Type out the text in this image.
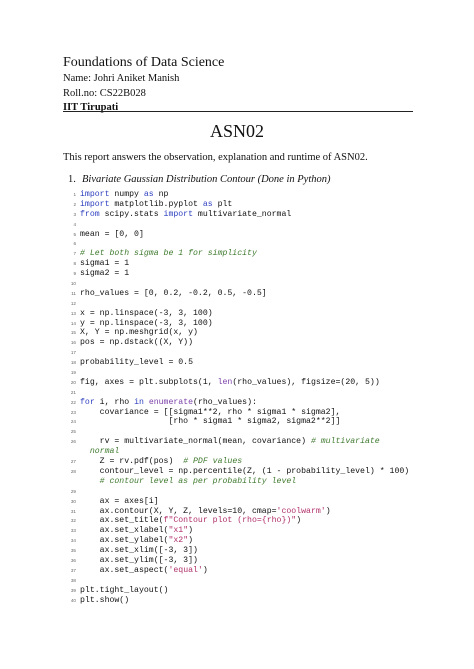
Foundations of Data Science
Name: Johri Aniket Manish
Roll.no: CS22B028
IIT Tirupati
ASN02
This report answers the observation, explanation and runtime of ASN02.
1. Bivariate Gaussian Distribution Contour (Done in Python)
1 import numpy as np
2 import matplotlib.pyplot as plt
3 from scipy.stats import multivariate_normal
4
5 mean = [0, 0]
6
7 # Let both sigma be 1 for simplicity
8 sigma1 = 1
9 sigma2 = 1
10
11 rho_values = [0, 0.2, -0.2, 0.5, -0.5]
12
13 x = np.linspace(-3, 3, 100)
14 y = np.linspace(-3, 3, 100)
15 X, Y = np.meshgrid(x, y)
16 pos = np.dstack((X, Y))
17
18 probability_level = 0.5
19
20 fig, axes = plt.subplots(1, len(rho_values), figsize=(20, 5))
21
22 for i, rho in enumerate(rho_values):
23 covariance = [[sigma1**2, rho * sigma1 * sigma2],
24 [rho * sigma1 * sigma2, sigma2**2]]
25
26 rv = multivariate_normal(mean, covariance) # multivariate
normal
27 Z = rv.pdf(pos)  # PDF values
28 contour_level = np.percentile(Z, (1 - probability_level) * 100)
# contour level as per probability level
29
30 ax = axes[i]
31 ax.contour(X, Y, Z, levels=10, cmap='coolwarm')
32 ax.set_title(f"Contour plot (rho={rho})")
33 ax.set_xlabel("x1")
34 ax.set_ylabel("x2")
35 ax.set_xlim([-3, 3])
36 ax.set_ylim([-3, 3])
37 ax.set_aspect('equal')
38
39 plt.tight_layout()
40 plt.show()
